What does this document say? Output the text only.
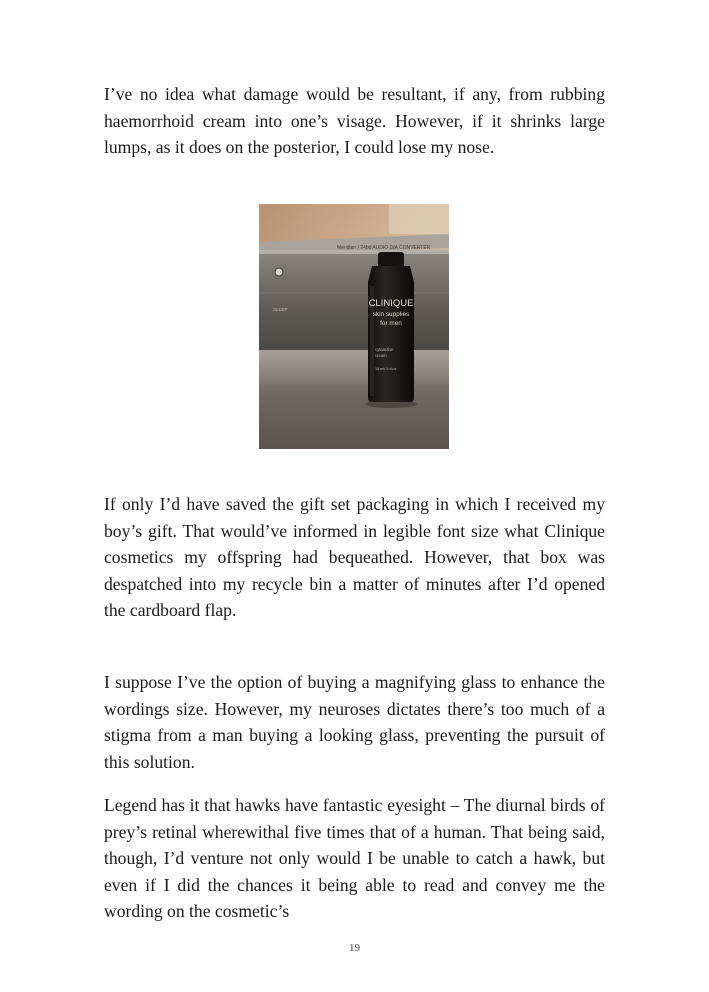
I’ve no idea what damage would be resultant, if any, from rubbing haemorrhoid cream into one’s visage. However, if it shrinks large lumps, as it does on the posterior, I could lose my nose.

Meridian / 24bit AUDIO D/A CONVERTER
SLEEP
CLINIQUE
skin supplies
for men
cytoactive
cream
15 ml/.5 fl.oz

If only I’d have saved the gift set packaging in which I received my boy’s gift. That would’ve informed in legible font size what Clinique cosmetics my offspring had bequeathed. However, that box was despatched into my recycle bin a matter of minutes after I’d opened the cardboard flap.

I suppose I’ve the option of buying a magnifying glass to enhance the wordings size. However, my neuroses dictates there’s too much of a stigma from a man buying a looking glass, preventing the pursuit of this solution.

Legend has it that hawks have fantastic eyesight – The diurnal birds of prey’s retinal wherewithal five times that of a human. That being said, though, I’d venture not only would I be unable to catch a hawk, but even if I did the chances it being able to read and convey me the wording on the cosmetic’s

19
